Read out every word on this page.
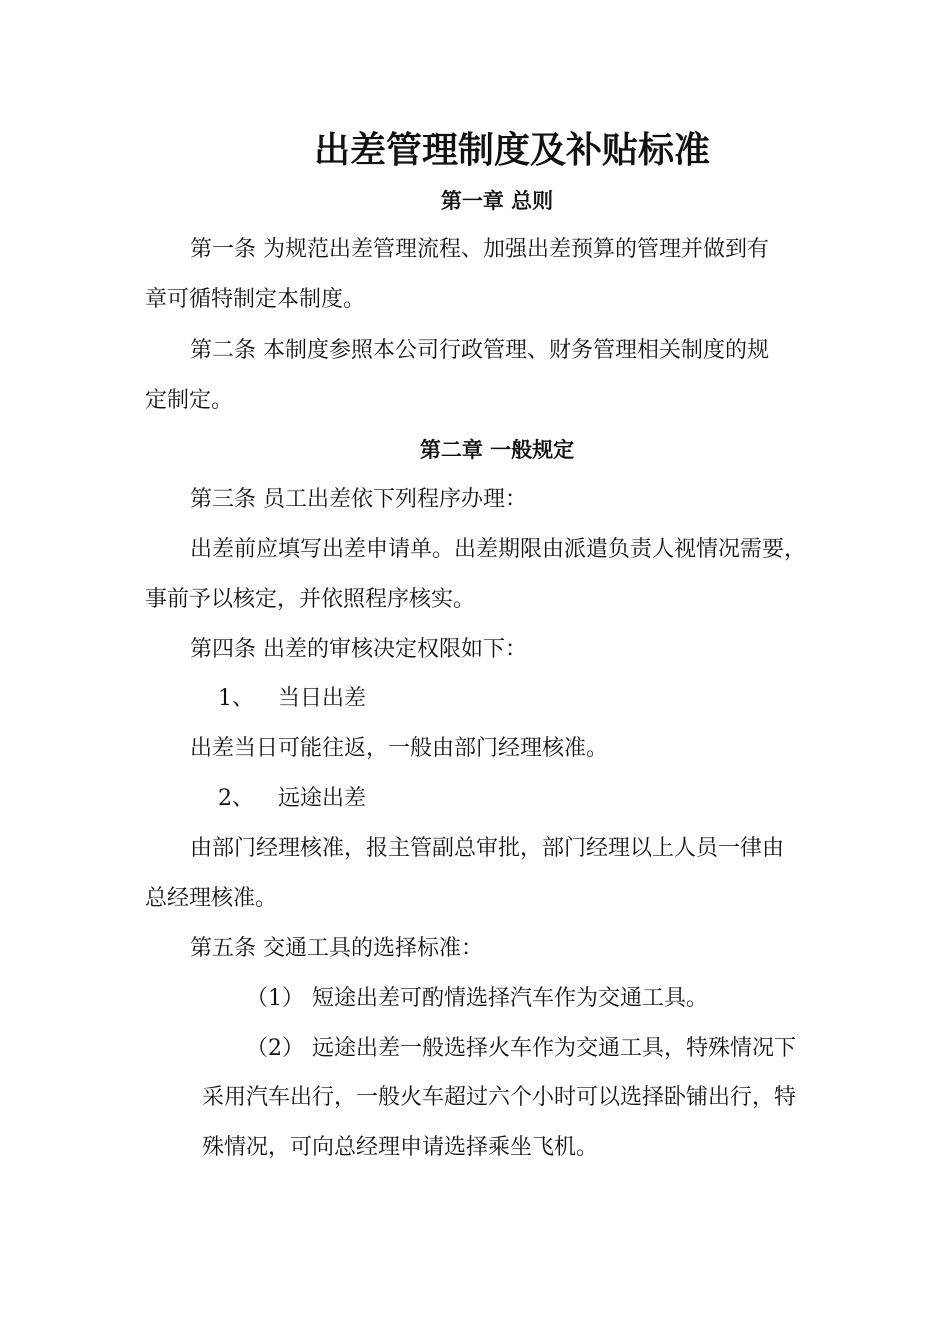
出差管理制度及补贴标准
第一章 总则
第一条 为规范出差管理流程、加强出差预算的管理并做到有
章可循特制定本制度。
第二条 本制度参照本公司行政管理、财务管理相关制度的规
定制定。
第二章 一般规定
第三条 员工出差依下列程序办理：
出差前应填写出差申请单。出差期限由派遣负责人视情况需要，
事前予以核定，并依照程序核实。
第四条 出差的审核决定权限如下：
1、 当日出差
出差当日可能往返，一般由部门经理核准。
2、 远途出差
由部门经理核准，报主管副总审批，部门经理以上人员一律由
总经理核准。
第五条 交通工具的选择标准：
（1） 短途出差可酌情选择汽车作为交通工具。
（2） 远途出差一般选择火车作为交通工具，特殊情况下
采用汽车出行，一般火车超过六个小时可以选择卧铺出行，特
殊情况，可向总经理申请选择乘坐飞机。
